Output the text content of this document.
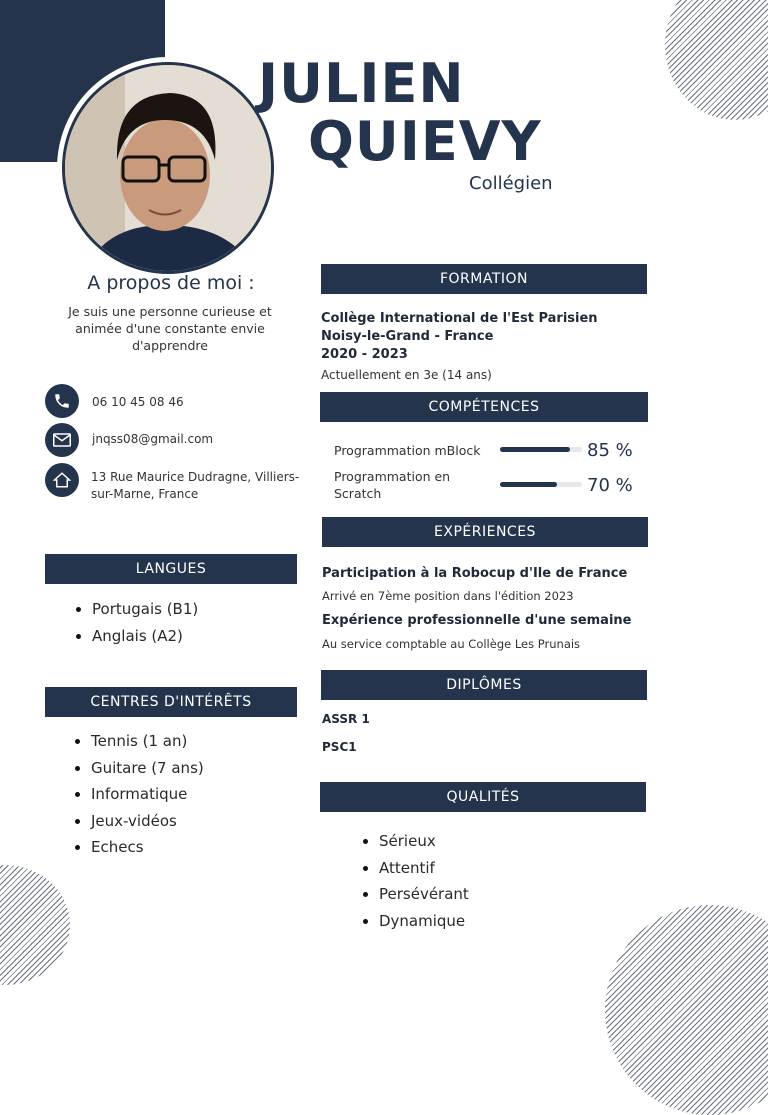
JULIEN
QUIEVY
Collégien
A propos de moi :
Je suis une personne curieuse et animée d'une constante envie d'apprendre
06 10 45 08 46
jnqss08@gmail.com
13 Rue Maurice Dudragne, Villiers-sur-Marne, France
LANGUES
Portugais (B1)
Anglais (A2)
CENTRES D'INTÉRÊTS
Tennis (1 an)
Guitare (7 ans)
Informatique
Jeux-vidéos
Echecs
FORMATION
Collège International de l'Est Parisien
Noisy-le-Grand - France
2020 - 2023
Actuellement en 3e (14 ans)
COMPÉTENCES
Programmation mBlock	85 %
Programmation en Scratch	70 %
EXPÉRIENCES
Participation à la Robocup d'Ile de France
Arrivé en 7ème position dans l'édition 2023
Expérience professionnelle d'une semaine
Au service comptable au Collège Les Prunais
DIPLÔMES
ASSR 1
PSC1
QUALITÉS
Sérieux
Attentif
Persévérant
Dynamique
